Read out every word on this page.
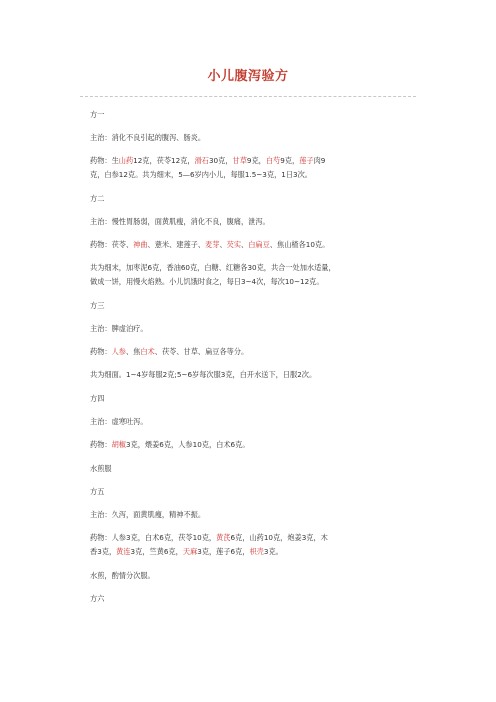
小儿腹泻验方
方一
主治：消化不良引起的腹泻、肠炎。
药物：生山药12克，茯苓12克，滑石30克，甘草9克，白芍9克，莲子肉9
克，白参12克。共为细末，5—6岁内小儿，每服1.5~3克，1日3次。
方二
主治：慢性胃肠弱，面黄肌瘦，消化不良，腹痛，泄泻。
药物：茯苓、神曲、薏米、建莲子、麦芽、芡实、白扁豆、焦山楂各10克。
共为细末，加枣泥6克，香油60克，白糖、红糖各30克，共合一处加水适量，
做成一饼，用慢火焰熟。小儿饥饿时食之，每日3~4次，每次10~12克。
方三
主治：脾虚泊疗。
药物：人参、焦白术、茯苓、甘草、扁豆各等分。
共为细面。1~4岁每服2克;5~6岁每次服3克，白开水送下，日服2次。
方四
主治：虚寒吐泻。
药物：胡椒3克，煨姜6克，人参10克，白术6克。
水煎服
方五
主治：久泻，面黄肌瘦，精神不振。
药物：人参3克，白术6克，茯苓10克，黄芪6克，山药10克，炮姜3克，木
香3克，黄连3克，竺黄6克，天麻3克，莲子6克，枳壳3克。
水煎，酌情分次服。
方六
